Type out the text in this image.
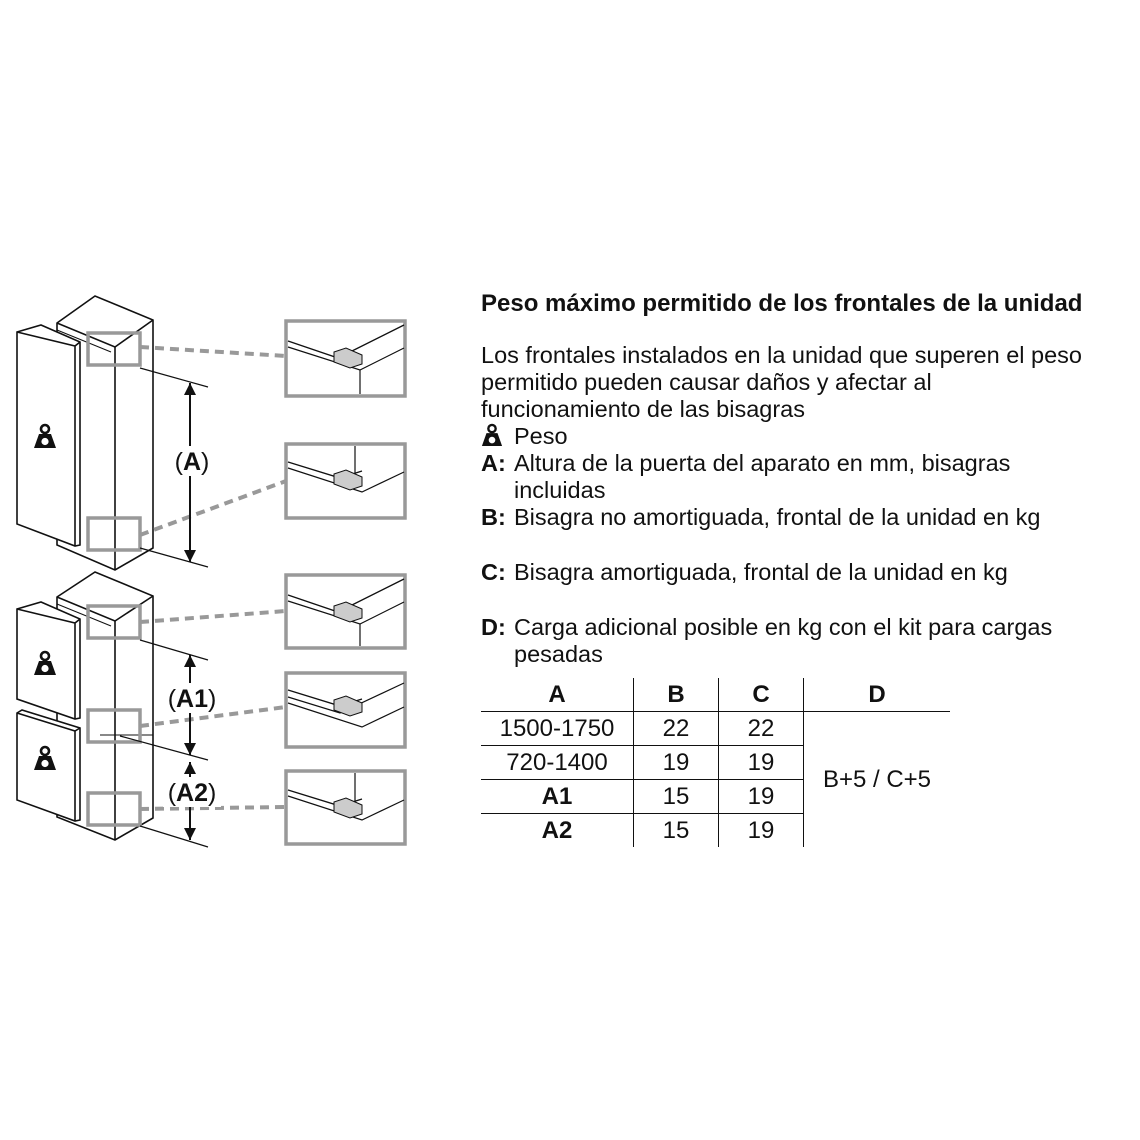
(A)
(A1)
(A2)
Peso máximo permitido de los frontales de la unidad

Los frontales instalados en la unidad que superen el peso

permitido pueden causar daños y afectar al

funcionamiento de las bisagras

Peso
A: Altura de la puerta del aparato en mm, bisagras
incluidas
B: Bisagra no amortiguada, frontal de la unidad en kg
C: Bisagra amortiguada, frontal de la unidad en kg
D: Carga adicional posible en kg con el kit para cargas
pesadas
A	B	C	D
1500-1750	22	22	B+5 / C+5
720-1400	19	19	
A1	15	19	
A2	15	19	
